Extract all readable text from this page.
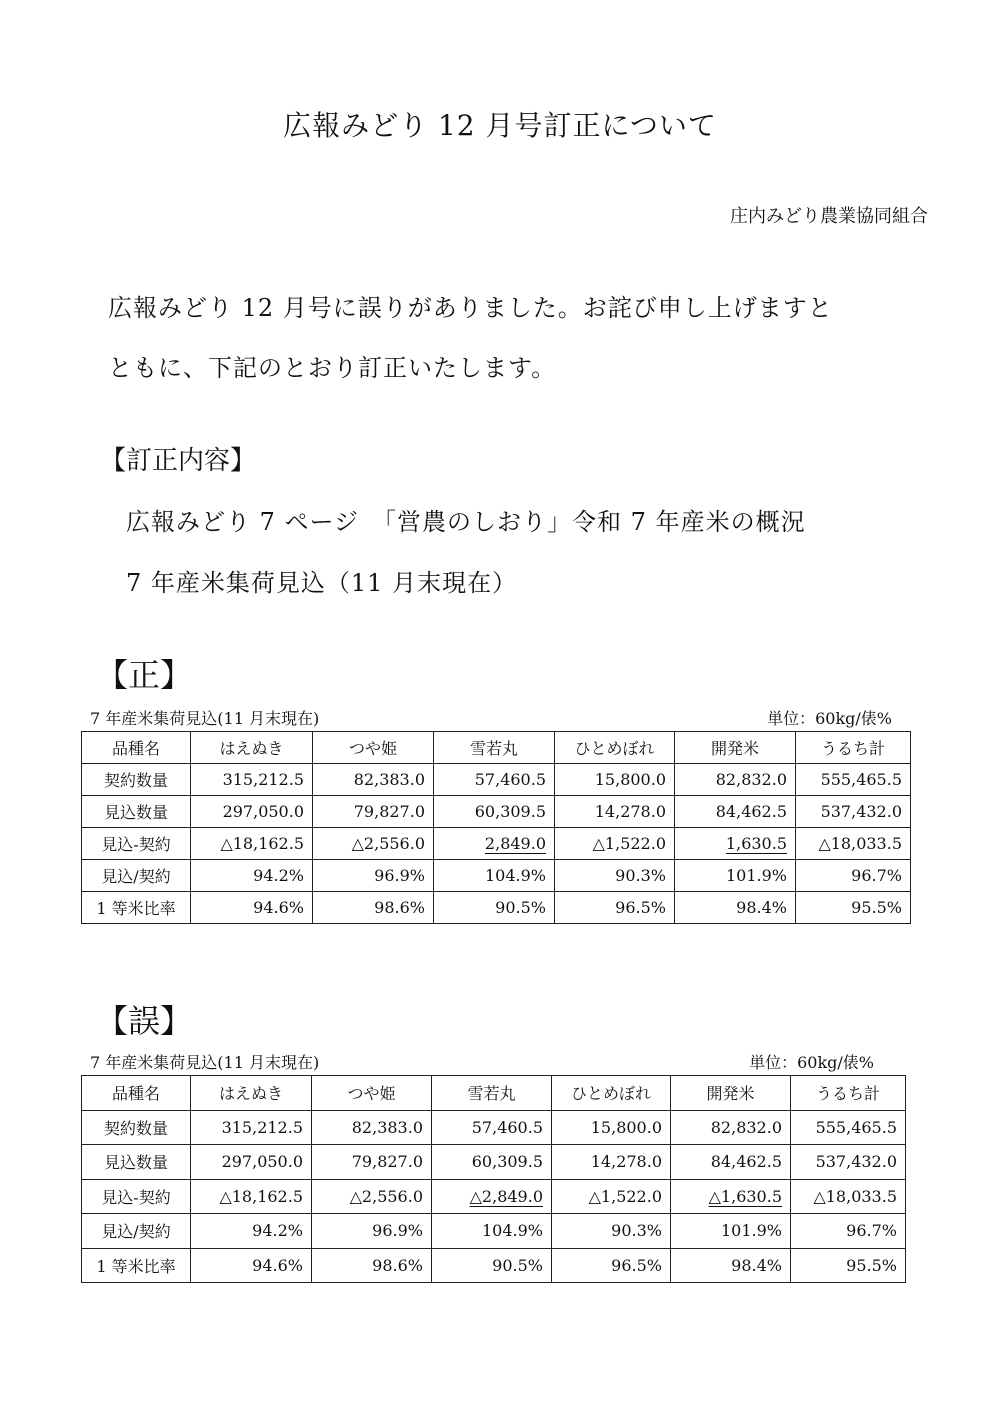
広報みどり 12 月号訂正について
庄内みどり農業協同組合
広報みどり 12 月号に誤りがありました。お詫び申し上げますと
ともに、下記のとおり訂正いたします。
【訂正内容】
広報みどり 7 ページ　「営農のしおり」令和 7 年産米の概況
7 年産米集荷見込（11 月末現在）
【正】
7 年産米集荷見込(11 月末現在)	単位：60kg/俵%
品種名	はえぬき	つや姫	雪若丸	ひとめぼれ	開発米	うるち計
契約数量	315,212.5	82,383.0	57,460.5	15,800.0	82,832.0	555,465.5
見込数量	297,050.0	79,827.0	60,309.5	14,278.0	84,462.5	537,432.0
見込-契約	△18,162.5	△2,556.0	2,849.0	△1,522.0	1,630.5	△18,033.5
見込/契約	94.2%	96.9%	104.9%	90.3%	101.9%	96.7%
1 等米比率	94.6%	98.6%	90.5%	96.5%	98.4%	95.5%
【誤】
7 年産米集荷見込(11 月末現在)	単位：60kg/俵%
品種名	はえぬき	つや姫	雪若丸	ひとめぼれ	開発米	うるち計
契約数量	315,212.5	82,383.0	57,460.5	15,800.0	82,832.0	555,465.5
見込数量	297,050.0	79,827.0	60,309.5	14,278.0	84,462.5	537,432.0
見込-契約	△18,162.5	△2,556.0	△2,849.0	△1,522.0	△1,630.5	△18,033.5
見込/契約	94.2%	96.9%	104.9%	90.3%	101.9%	96.7%
1 等米比率	94.6%	98.6%	90.5%	96.5%	98.4%	95.5%
